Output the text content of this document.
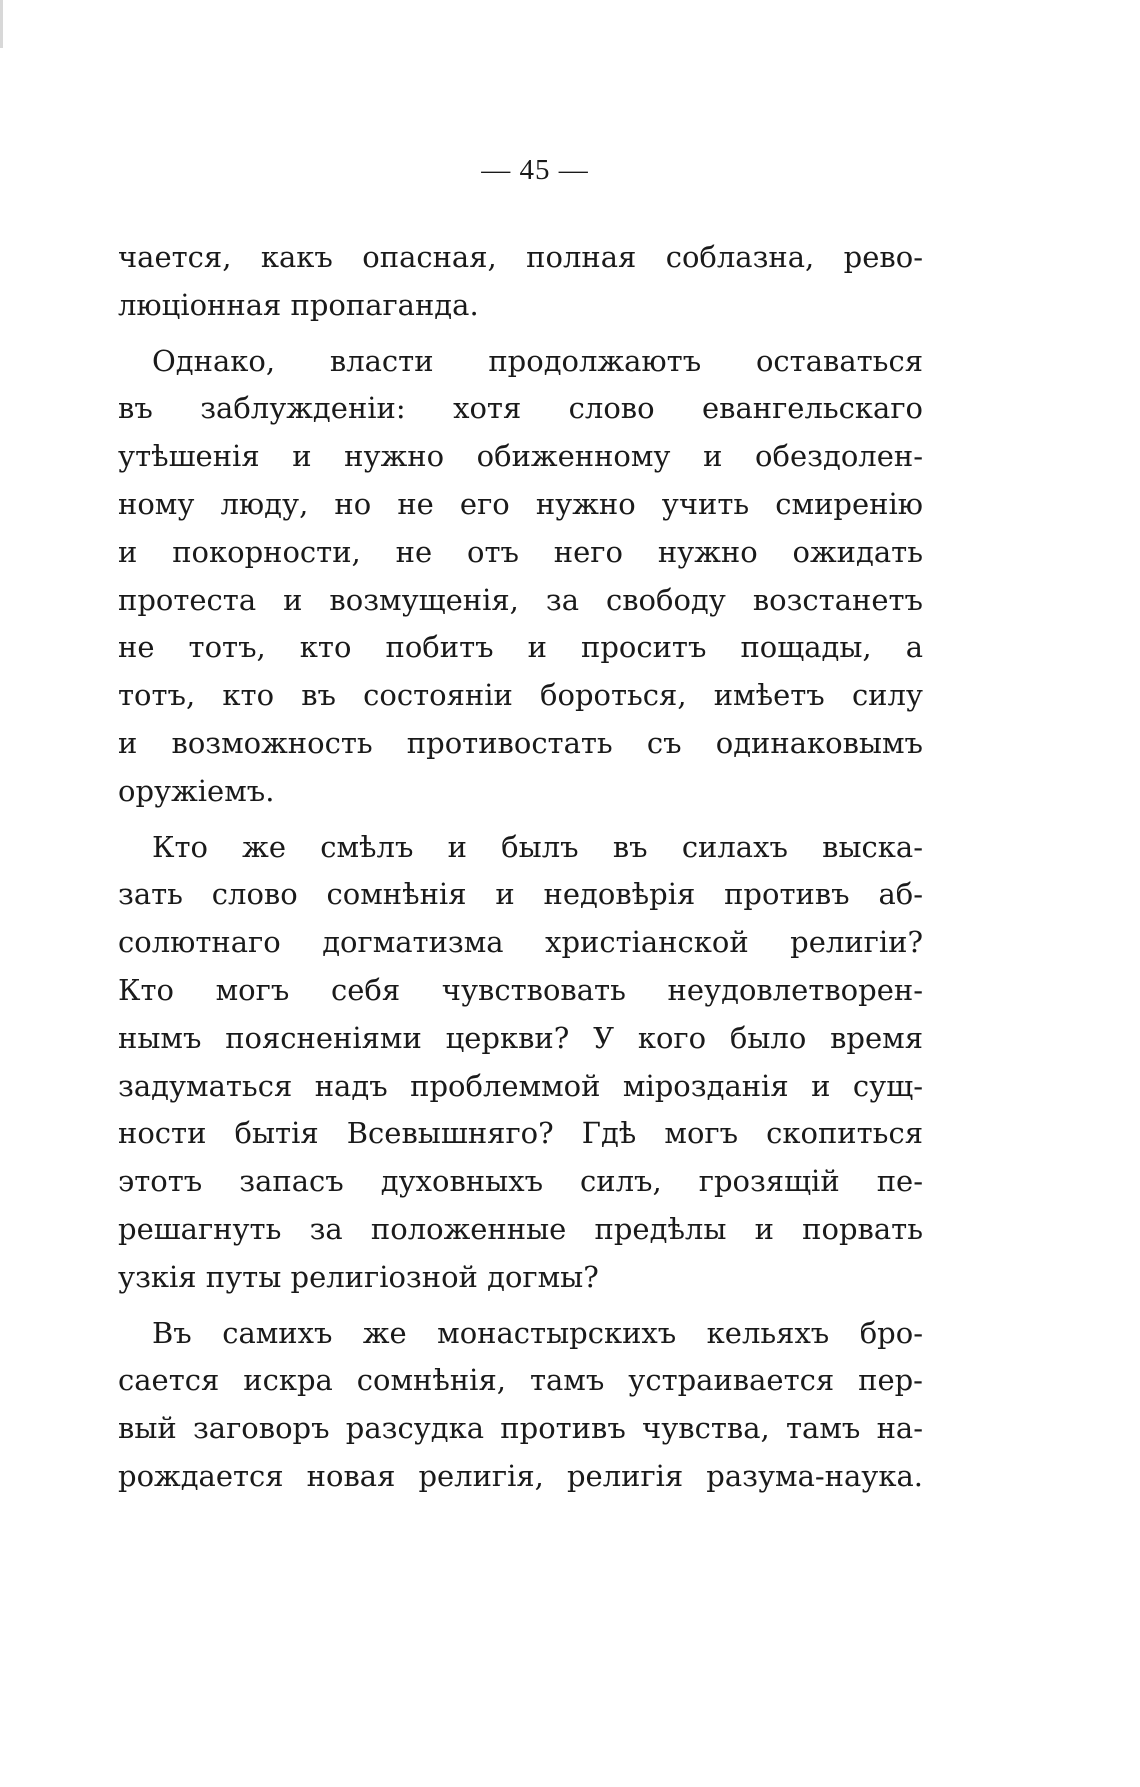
— 45 —
чается, какъ опасная, полная соблазна, рево-
люціонная пропаганда.
Однако, власти продолжаютъ оставаться
въ заблужденіи: хотя слово евангельскаго
утѣшенія и нужно обиженному и обездолен-
ному люду, но не его нужно учить смиренію
и покорности, не отъ него нужно ожидать
протеста и возмущенія, за свободу возстанетъ
не тотъ, кто побитъ и проситъ пощады, а
тотъ, кто въ состояніи бороться, имѣетъ силу
и возможность противостать съ одинаковымъ
оружіемъ.
Кто же смѣлъ и былъ въ силахъ выска-
зать слово сомнѣнія и недовѣрія противъ аб-
солютнаго догматизма христіанской религіи?
Кто могъ себя чувствовать неудовлетворен-
нымъ поясненіями церкви? У кого было время
задуматься надъ проблеммой мірозданія и сущ-
ности бытія Всевышняго? Гдѣ могъ скопиться
этотъ запасъ духовныхъ силъ, грозящій пе-
решагнуть за положенные предѣлы и порвать
узкія путы религіозной догмы?
Въ самихъ же монастырскихъ кельяхъ бро-
сается искра сомнѣнія, тамъ устраивается пер-
вый заговоръ разсудка противъ чувства, тамъ на-
рождается новая религія, религія разума-наука.
